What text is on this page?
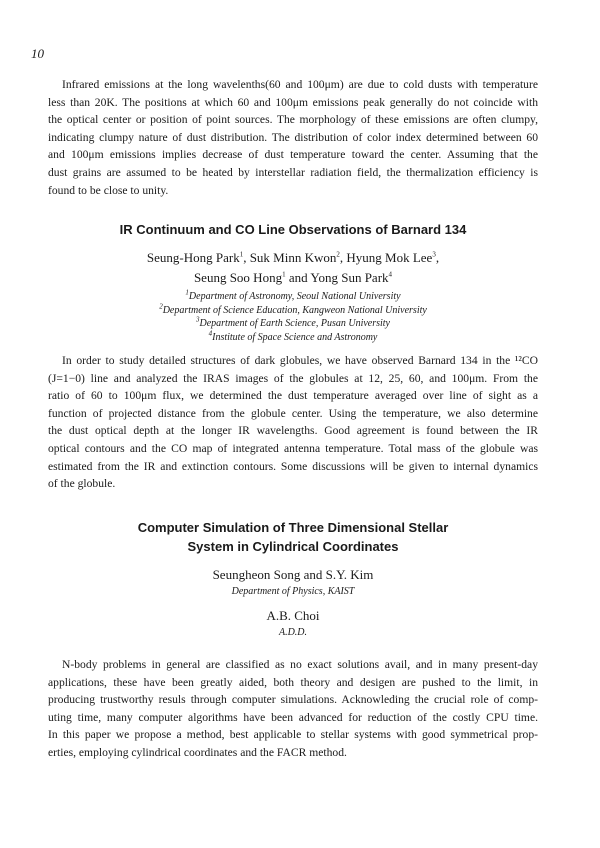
10
Infrared emissions at the long wavelenths(60 and 100μm) are due to cold dusts with temperature
less than 20K. The positions at which 60 and 100μm emissions peak generally do not coincide with
the optical center or position of point sources. The morphology of these emissions are often clumpy,
indicating clumpy nature of dust distribution. The distribution of color index determined between 60
and 100μm emissions implies decrease of dust temperature toward the center. Assuming that the
dust grains are assumed to be heated by interstellar radiation field, the thermalization efficiency is
found to be close to unity.
IR Continuum and CO Line Observations of Barnard 134
Seung-Hong Park$^1$, Suk Minn Kwon$^2$, Hyung Mok Lee$^3$,
Seung Soo Hong$^1$ and Yong Sun Park$^4$
$^1$Department of Astronomy, Seoul National University
$^2$Department of Science Education, Kangweon National University
$^3$Department of Earth Science, Pusan University
$^4$Institute of Space Science and Astronomy
In order to study detailed structures of dark globules, we have observed Barnard 134 in the ¹²CO
(J=1−0) line and analyzed the IRAS images of the globules at 12, 25, 60, and 100μm. From the
ratio of 60 to 100μm flux, we determined the dust temperature averaged over line of sight as a
function of projected distance from the globule center. Using the temperature, we also determine
the dust optical depth at the longer IR wavelengths. Good agreement is found between the IR
optical contours and the CO map of integrated antenna temperature. Total mass of the globule was
estimated from the IR and extinction contours. Some discussions will be given to internal dynamics
of the globule.
Computer Simulation of Three Dimensional Stellar
System in Cylindrical Coordinates
Seungheon Song and S.Y. Kim
Department of Physics, KAIST
A.B. Choi
A.D.D.
N-body problems in general are classified as no exact solutions avail, and in many present-day
applications, these have been greatly aided, both theory and desigen are pushed to the limit, in
producing trustworthy resuls through computer simulations. Acknowleding the crucial role of comp-
uting time, many computer algorithms have been advanced for reduction of the costly CPU time.
In this paper we propose a method, best applicable to stellar systems with good symmetrical prop-
erties, employing cylindrical coordinates and the FACR method.
